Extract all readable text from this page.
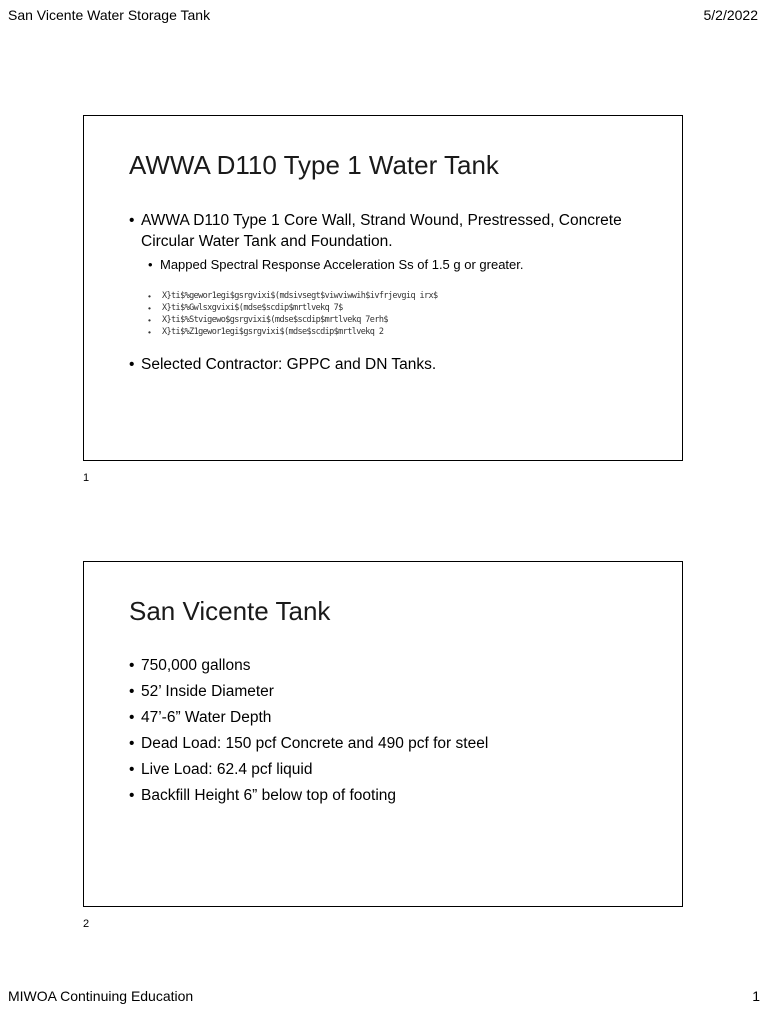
San Vicente Water Storage Tank	5/2/2022
AWWA D110 Type 1 Water Tank
• AWWA D110 Type 1 Core Wall, Strand Wound, Prestressed, Concrete Circular Water Tank and Foundation.
• Mapped Spectral Response Acceleration Ss of 1.5 g or greater.
• X}ti$%gewor1egi$gsrgvixi$(mdsivsegt$viwviwwih$ivfrjevgiq irx$
• X}ti$%Gwlsxgvixi$(mdse$scdip$mrtlvekq 7$
• X}ti$%Stvigewo$gsrgvixi$(mdse$scdip$mrtlvekq 7erh$
• X}ti$%Z1gewor1egi$gsrgvixi$(mdse$scdip$mrtlvekq 2
• Selected Contractor: GPPC and DN Tanks.
1
San Vicente Tank
• 750,000 gallons
• 52’ Inside Diameter
• 47’-6” Water Depth
• Dead Load: 150 pcf Concrete and 490 pcf for steel
• Live Load: 62.4 pcf liquid
• Backfill Height 6” below top of footing
2
MIWOA Continuing Education	1
